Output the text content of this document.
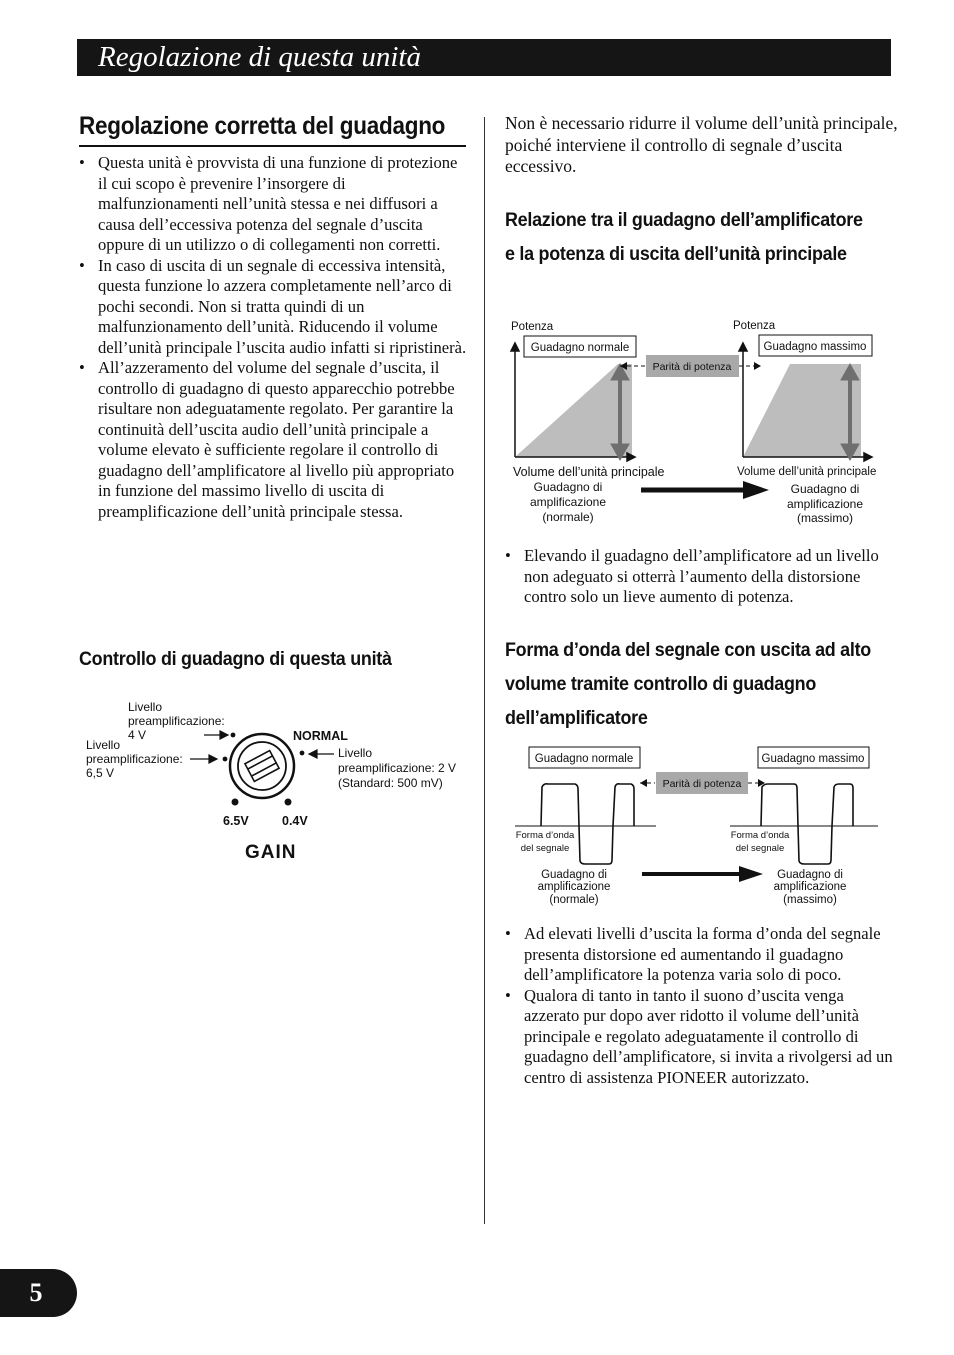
Regolazione di questa unità
Regolazione corretta del guadagno
• Questa unità è provvista di una funzione di protezione il cui scopo è prevenire l’insorgere di malfunzionamenti nell’unità stessa e nei diffusori a causa dell’eccessiva potenza del segnale d’uscita oppure di un utilizzo o di collegamenti non corretti.
• In caso di uscita di un segnale di eccessiva intensità, questa funzione lo azzera completamente nell’arco di pochi secondi. Non si tratta quindi di un malfunzionamento dell’unità. Riducendo il volume dell’unità principale l’uscita audio infatti si ripristinerà.
• All’azzeramento del volume del segnale d’uscita, il controllo di guadagno di questo apparecchio potrebbe risultare non adeguatamente regolato. Per garantire la continuità dell’uscita audio dell’unità principale a volume elevato è sufficiente regolare il controllo di guadagno dell’amplificatore al livello più appropriato in funzione del massimo livello di uscita di preamplificazione dell’unità principale stessa.
Controllo di guadagno di questa unità
Livello
preamplificazione:
4 V
Livello
preamplificazione:
6,5 V
Livello
preamplificazione: 2 V
(Standard: 500 mV)
NORMAL
6.5V	0.4V
GAIN

Non è necessario ridurre il volume dell’unità principale, poiché interviene il controllo di segnale d’uscita eccessivo.

Relazione tra il guadagno dell’amplificatore e la potenza di uscita dell’unità principale
Potenza	Potenza
Guadagno normale	Guadagno massimo
Parità di potenza
Volume dell’unità principale	Volume dell’unità principale
Guadagno di
amplificazione
(normale)
Guadagno di
amplificazione
(massimo)
• Elevando il guadagno dell’amplificatore ad un livello non adeguato si otterrà l’aumento della distorsione contro solo un lieve aumento di potenza.
Forma d’onda del segnale con uscita ad alto volume tramite controllo di guadagno dell’amplificatore
Guadagno normale	Guadagno massimo
Parità di potenza
Forma d’onda
del segnale
Forma d’onda
del segnale
Guadagno di
amplificazione
(normale)
Guadagno di
amplificazione
(massimo)
• Ad elevati livelli d’uscita la forma d’onda del segnale presenta distorsione ed aumentando il guadagno dell’amplificatore la potenza varia solo di poco.
• Qualora di tanto in tanto il suono d’uscita venga azzerato pur dopo aver ridotto il volume dell’unità principale e regolato adeguatamente il controllo di guadagno dell’amplificatore, si invita a rivolgersi ad un centro di assistenza PIONEER autorizzato.
5
